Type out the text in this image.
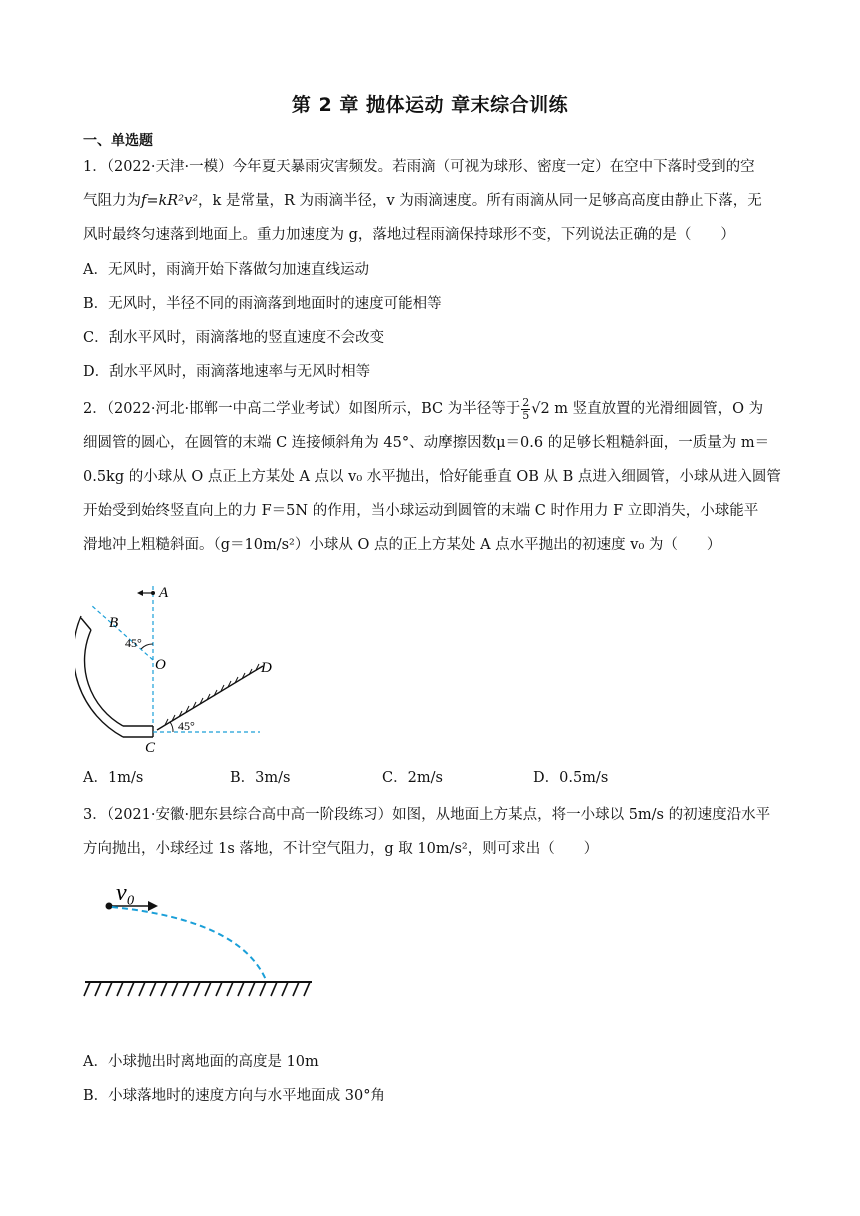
第 2 章 抛体运动 章末综合训练
一、单选题
1．（2022·天津·一模）今年夏天暴雨灾害频发。若雨滴（可视为球形、密度一定）在空中下落时受到的空
气阻力为f=kR²v²，k 是常量，R 为雨滴半径，v 为雨滴速度。所有雨滴从同一足够高高度由静止下落，无
风时最终匀速落到地面上。重力加速度为 g，落地过程雨滴保持球形不变，下列说法正确的是（　　）
A．无风时，雨滴开始下落做匀加速直线运动
B．无风时，半径不同的雨滴落到地面时的速度可能相等
C．刮水平风时，雨滴落地的竖直速度不会改变
D．刮水平风时，雨滴落地速率与无风时相等
2．（2022·河北·邯郸一中高二学业考试）如图所示，BC 为半径等于 $\frac{2}{5} √2$ m 竖直放置的光滑细圆管，O 为
细圆管的圆心，在圆管的末端 C 连接倾斜角为 45°、动摩擦因数μ＝0.6 的足够长粗糙斜面，一质量为 m＝
0.5kg 的小球从 O 点正上方某处 A 点以 v₀ 水平抛出，恰好能垂直 OB 从 B 点进入细圆管，小球从进入圆管
开始受到始终竖直向上的力 F＝5N 的作用，当小球运动到圆管的末端 C 时作用力 F 立即消失，小球能平
滑地冲上粗糙斜面。（g＝10m/s²）小球从 O 点的正上方某处 A 点水平抛出的初速度 v₀ 为（　　）
A
B
45°
O	D
C
45°
A．1m/s	B．3m/s	C．2m/s	D．0.5m/s
3．（2021·安徽·肥东县综合高中高一阶段练习）如图，从地面上方某点，将一小球以 5m/s 的初速度沿水平
方向抛出，小球经过 1s 落地，不计空气阻力，g 取 10m/s²，则可求出（　　）
v₀
A．小球抛出时离地面的高度是 10m
B．小球落地时的速度方向与水平地面成 30°角
